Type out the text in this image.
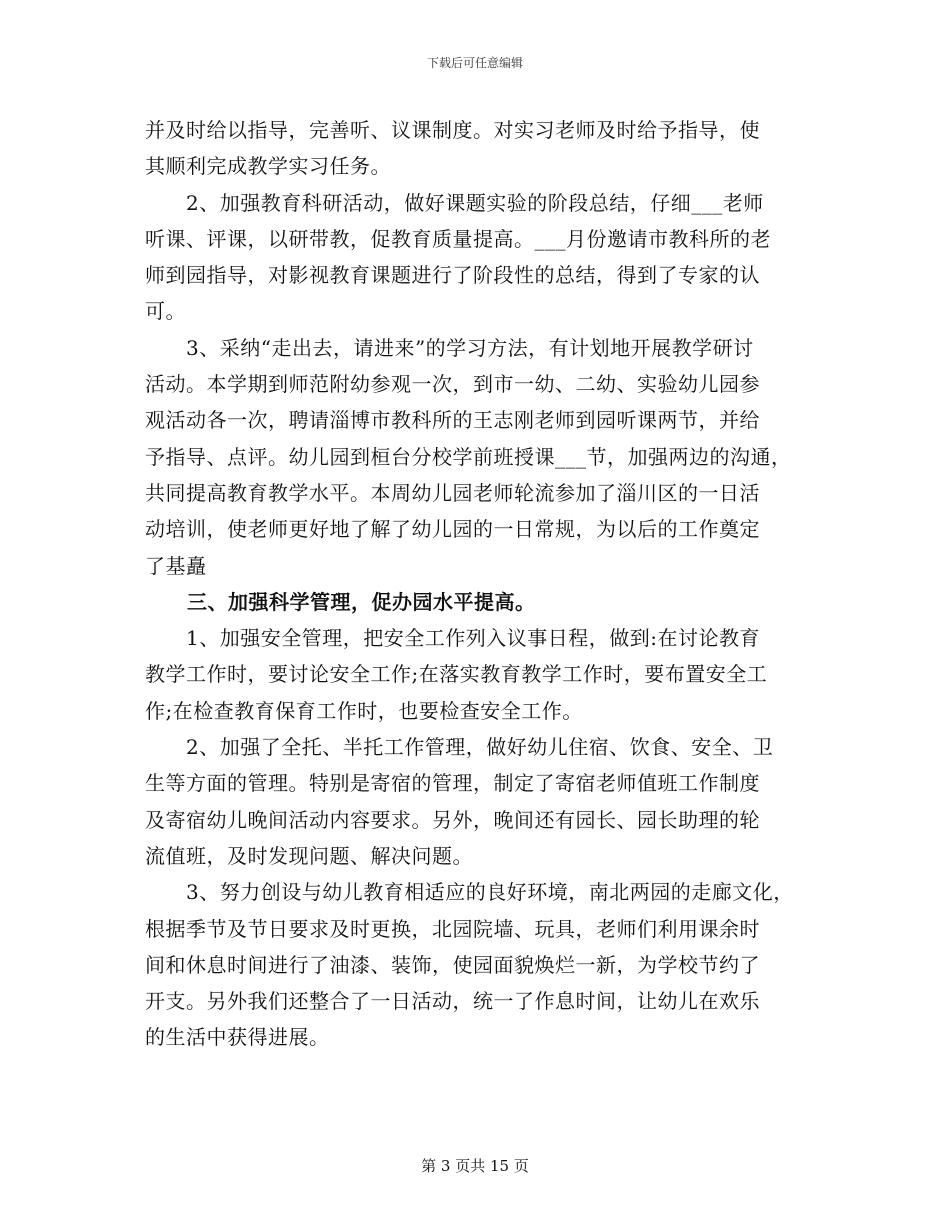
下载后可任意编辑

并及时给以指导，完善听、议课制度。对实习老师及时给予指导，使
其顺利完成教学实习任务。

　　2、加强教育科研活动，做好课题实验的阶段总结，仔细___老师
听课、评课，以研带教，促教育质量提高。___月份邀请市教科所的老
师到园指导，对影视教育课题进行了阶段性的总结，得到了专家的认
可。

　　3、采纳“走出去，请进来”的学习方法，有计划地开展教学研讨
活动。本学期到师范附幼参观一次，到市一幼、二幼、实验幼儿园参
观活动各一次，聘请淄博市教科所的王志刚老师到园听课两节，并给
予指导、点评。幼儿园到桓台分校学前班授课___节，加强两边的沟通，
共同提高教育教学水平。本周幼儿园老师轮流参加了淄川区的一日活
动培训，使老师更好地了解了幼儿园的一日常规，为以后的工作奠定
了基矗

三、加强科学管理，促办园水平提高。

　　1、加强安全管理，把安全工作列入议事日程，做到:在讨论教育
教学工作时，要讨论安全工作;在落实教育教学工作时，要布置安全工
作;在检查教育保育工作时，也要检查安全工作。

　　2、加强了全托、半托工作管理，做好幼儿住宿、饮食、安全、卫
生等方面的管理。特别是寄宿的管理，制定了寄宿老师值班工作制度
及寄宿幼儿晚间活动内容要求。另外，晚间还有园长、园长助理的轮
流值班，及时发现问题、解决问题。

　　3、努力创设与幼儿教育相适应的良好环境，南北两园的走廊文化，
根据季节及节日要求及时更换，北园院墙、玩具，老师们利用课余时
间和休息时间进行了油漆、装饰，使园面貌焕烂一新，为学校节约了
开支。另外我们还整合了一日活动，统一了作息时间，让幼儿在欢乐
的生活中获得进展。

第 3 页共 15 页
